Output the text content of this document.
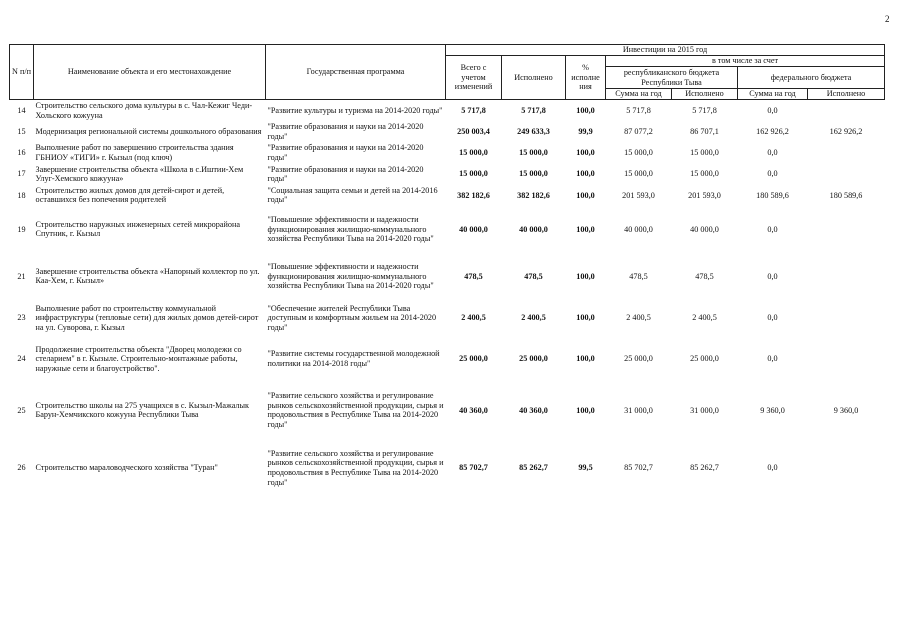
2
N п/п	Наименование объекта и его местонахождение	Государственная программа	Инвестиции на 2015 год						
			Всего с учетом изменений	Исполнено	% исполне ния	в том числе за счет			
						республиканского бюджета Республики Тыва		федерального бюджета	
						Сумма на год	Исполнено	Сумма на год	Исполнено
14	Строительство сельского дома культуры в с. Чал-Кежиг Чеди-Хольского кожууна	"Развитие культуры и туризма на 2014-2020 годы"	5 717,8	5 717,8	100,0	5 717,8	5 717,8	0,0	
15	Модернизация региональной системы дошкольного образования	"Развитие образования и науки на 2014-2020 годы"	250 003,4	249 633,3	99,9	87 077,2	86 707,1	162 926,2	162 926,2
16	Выполнение работ по завершению строительства здания ГБНИОУ «ТИГИ» г. Кызыл (под ключ)	"Развитие образования и науки на 2014-2020 годы"	15 000,0	15 000,0	100,0	15 000,0	15 000,0	0,0	
17	Завершение строительства объекта «Школа в с.Иштии-Хем Улуг-Хемского кожууна»	"Развитие образования и науки на 2014-2020 годы"	15 000,0	15 000,0	100,0	15 000,0	15 000,0	0,0	
18	Строительство жилых домов для детей-сирот и детей, оставшихся без попечения родителей	"Социальная защита семьи и детей на 2014-2016 годы"	382 182,6	382 182,6	100,0	201 593,0	201 593,0	180 589,6	180 589,6
19	Строительство наружных инженерных сетей микрорайона Спутник, г. Кызыл	"Повышение эффективности и надежности функционирования жилищно-коммунального хозяйства Республики Тыва на 2014-2020 годы"	40 000,0	40 000,0	100,0	40 000,0	40 000,0	0,0	
21	Завершение строительства объекта «Напорный коллектор по ул. Каа-Хем, г. Кызыл»	"Повышение эффективности и надежности функционирования жилищно-коммунального хозяйства Республики Тыва на 2014-2020 годы"	478,5	478,5	100,0	478,5	478,5	0,0	
23	Выполнение работ по строительству коммунальной инфраструктуры (тепловые сети) для жилых домов детей-сирот на ул. Суворова, г. Кызыл	"Обеспечение жителей Республики Тыва доступным и комфортным жильем на 2014-2020 годы"	2 400,5	2 400,5	100,0	2 400,5	2 400,5	0,0	
24	Продолжение строительства объекта "Дворец молодежи со стеларием" в г. Кызыле. Строительно-монтажные работы, наружные сети и благоустройство".	"Развитие системы государственной молодежной политики на 2014-2018 годы"	25 000,0	25 000,0	100,0	25 000,0	25 000,0	0,0	
25	Строительство школы на 275 учащихся в с. Кызыл-Мажалык Барун-Хемчикского кожууна Республики Тыва	"Развитие сельского хозяйства и регулирование рынков сельскохозяйственной продукции, сырья и продовольствия в Республике Тыва на 2014-2020 годы"	40 360,0	40 360,0	100,0	31 000,0	31 000,0	9 360,0	9 360,0
26	Строительство мараловодческого хозяйства "Туран"	"Развитие сельского хозяйства и регулирование рынков сельскохозяйственной продукции, сырья и продовольствия в Республике Тыва на 2014-2020 годы"	85 702,7	85 262,7	99,5	85 702,7	85 262,7	0,0	
